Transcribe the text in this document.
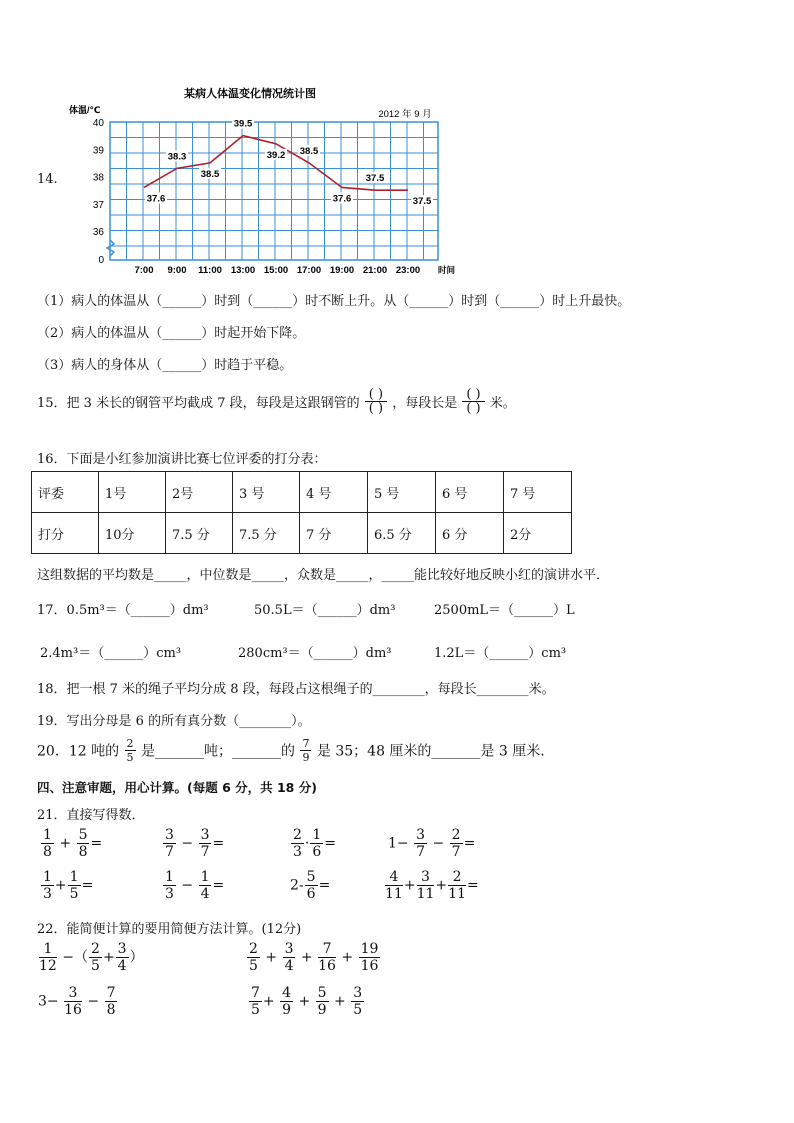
14.
某病人体温变化情况统计图
2012 年 9 月
体温/℃
37.6
38.3
38.5
39.5
39.2 38.5
37.6
37.5
37.5
40
39
38
37
36
0
7:00 9:00 11:00 13:00 15:00 17:00 19:00 21:00 23:00 时间
（1）病人的体温从（______）时到（______）时不断上升。从（______）时到（______）时上升最快。
（2）病人的体温从（______）时起开始下降。
（3）病人的身体从（______）时趋于平稳。
15．把 3 米长的钢管平均截成 7 段，每段是这跟钢管的 $\frac{( )}{( )}$ ，每段长是 $\frac{( )}{( )}$ 米。
16．下面是小红参加演讲比赛七位评委的打分表：
评委	1号	2号	3 号	4 号	5 号	6 号	7 号
打分	10分	7.5 分	7.5 分	7 分	6.5 分	6 分	2分
这组数据的平均数是_____，中位数是_____，众数是_____，_____能比较好地反映小红的演讲水平．
17．0.5m³＝（______）dm³	50.5L＝（______）dm³	2500mL＝（______）L
2.4m³＝（______）cm³	280cm³＝（______）dm³	1.2L＝（______）cm³
18．把一根 7 米的绳子平均分成 8 段，每段占这根绳子的________，每段长________米。
19．写出分母是 6 的所有真分数（________）。
20．12 吨的 $\frac{2}{5}$ 是_______吨；_______的 $\frac{7}{9}$ 是 35；48 厘米的_______是 3 厘米．
四、注意审题，用心计算。(每题 6 分，共 18 分)
21．直接写得数．
$\frac{1}{8} + \frac{5}{8}$ =	$\frac{3}{7} - \frac{3}{7}$ =	$\frac{2}{3} \cdot \frac{1}{6}$ =	$1- \frac{3}{7} - \frac{2}{7}$ =
$\frac{1}{3} + \frac{1}{5}$ =	$\frac{1}{3} - \frac{1}{4}$ =	$2- \frac{5}{6}$ =	$\frac{4}{11} + \frac{3}{11} + \frac{2}{11}$ =
22．能简便计算的要用简便方法计算。(12分)
$\frac{1}{12}$ −（ $\frac{2}{5} + \frac{3}{4}$ ）	$\frac{2}{5} + \frac{3}{4} + \frac{7}{16} + \frac{19}{16}$
$3- \frac{3}{16} - \frac{7}{8}$	$\frac{7}{5} + \frac{4}{9} + \frac{5}{9} + \frac{3}{5}$
